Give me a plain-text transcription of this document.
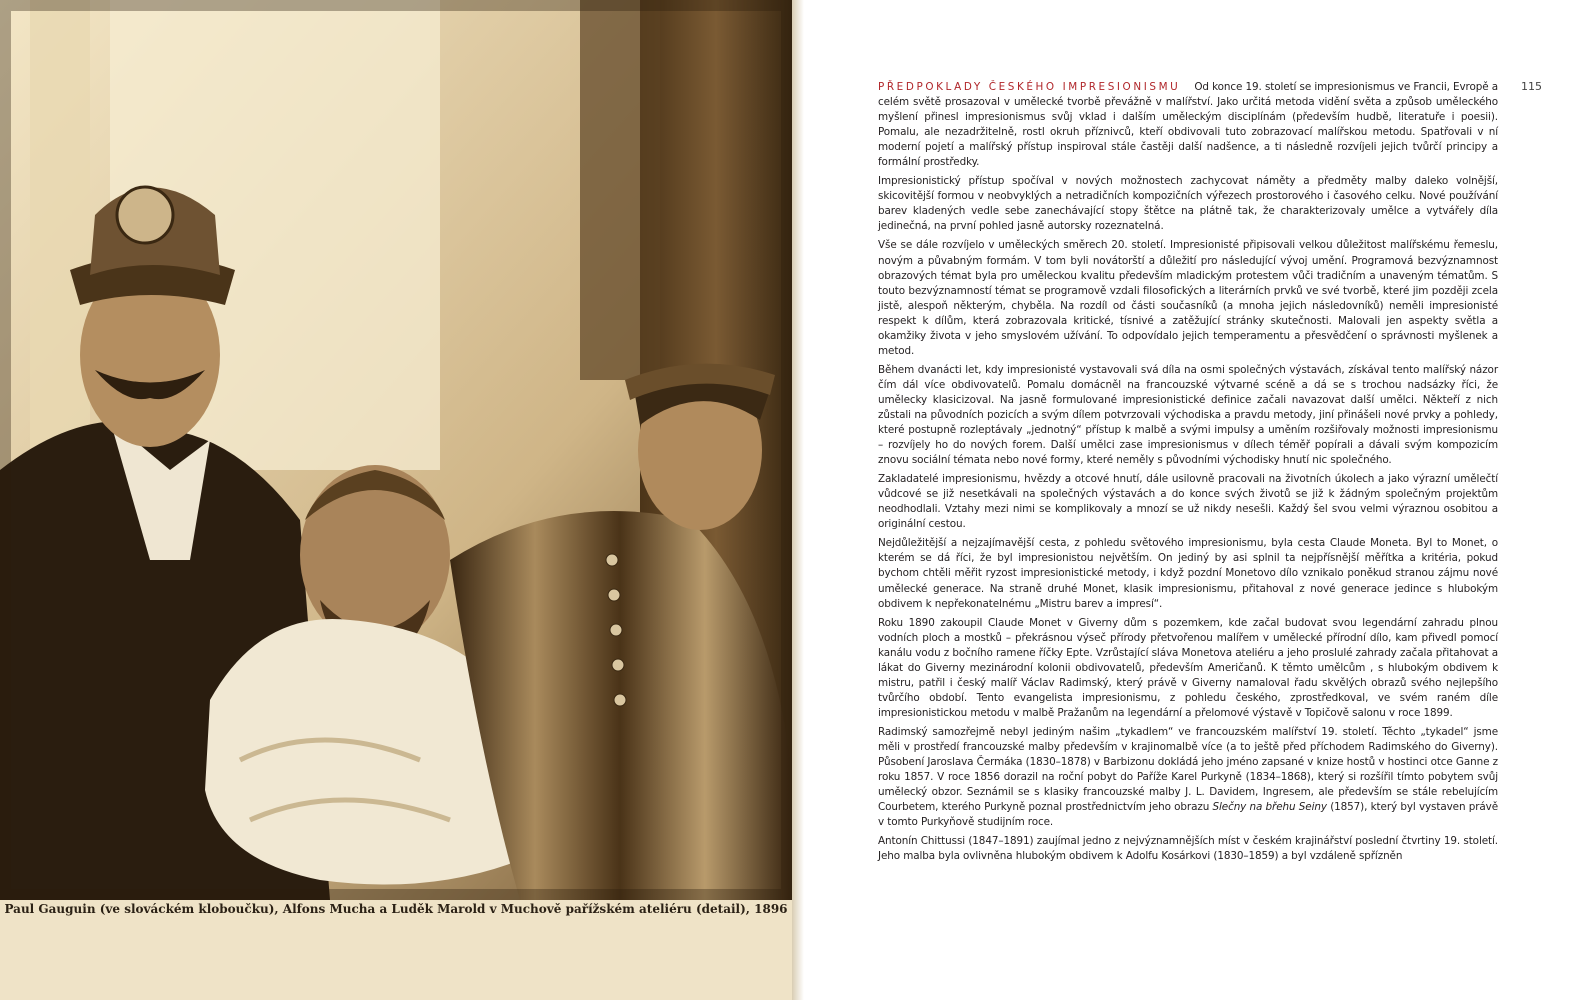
Paul Gauguin (ve slováckém kloboučku), Alfons Mucha a Luděk Marold v Muchově pařížském ateliéru (detail), 1896
115

PŘEDPOKLADY ČESKÉHO IMPRESIONISMU Od konce 19. století se impresionismus ve Francii, Evropě a celém světě prosazoval v umělecké tvorbě převážně v malířství. Jako určitá metoda vidění světa a způsob uměleckého myšlení přinesl impresionismus svůj vklad i dalším uměleckým disciplínám (především hudbě, literatuře i poesii). Pomalu, ale nezadržitelně, rostl okruh příznivců, kteří obdivovali tuto zobrazovací malířskou metodu. Spatřovali v ní moderní pojetí a malířský přístup inspiroval stále častěji další nadšence, a ti následně rozvíjeli jejich tvůrčí principy a formální prostředky.

Impresionistický přístup spočíval v nových možnostech zachycovat náměty a předměty malby daleko volnější, skicovitější formou v neobvyklých a netradičních kompozičních výřezech prostorového i časového celku. Nové používání barev kladených vedle sebe zanechávající stopy štětce na plátně tak, že charakterizovaly umělce a vytvářely díla jedinečná, na první pohled jasně autorsky rozeznatelná.

Vše se dále rozvíjelo v uměleckých směrech 20. století. Impresionisté připisovali velkou důležitost malířskému řemeslu, novým a půvabným formám. V tom byli novátorští a důležití pro následující vývoj umění. Programová bezvýznamnost obrazových témat byla pro uměleckou kvalitu především mladickým protestem vůči tradičním a unaveným tématům. S touto bezvýznamností témat se programově vzdali filosofických a literárních prvků ve své tvorbě, které jim později zcela jistě, alespoň některým, chyběla. Na rozdíl od části současníků (a mnoha jejich následovníků) neměli impresionisté respekt k dílům, která zobrazovala kritické, tísnivé a zatěžující stránky skutečnosti. Malovali jen aspekty světla a okamžiky života v jeho smyslovém užívání. To odpovídalo jejich temperamentu a přesvědčení o správnosti myšlenek a metod.

Během dvanácti let, kdy impresionisté vystavovali svá díla na osmi společných výstavách, získával tento malířský názor čím dál více obdivovatelů. Pomalu domácněl na francouzské výtvarné scéně a dá se s trochou nadsázky říci, že umělecky klasicizoval. Na jasně formulované impresionistické definice začali navazovat další umělci. Někteří z nich zůstali na původních pozicích a svým dílem potvrzovali východiska a pravdu metody, jiní přinášeli nové prvky a pohledy, které postupně rozleptávaly „jednotný“ přístup k malbě a svými impulsy a uměním rozšiřovaly možnosti impresionismu – rozvíjely ho do nových forem. Další umělci zase impresionismus v dílech téměř popírali a dávali svým kompozicím znovu sociální témata nebo nové formy, které neměly s původními východisky hnutí nic společného.

Zakladatelé impresionismu, hvězdy a otcové hnutí, dále usilovně pracovali na životních úkolech a jako výrazní umělečtí vůdcové se již nesetkávali na společných výstavách a do konce svých životů se již k žádným společným projektům neodhodlali. Vztahy mezi nimi se komplikovaly a mnozí se už nikdy nesešli. Každý šel svou velmi výraznou osobitou a originální cestou.

Nejdůležitější a nejzajímavější cesta, z pohledu světového impresionismu, byla cesta Claude Moneta. Byl to Monet, o kterém se dá říci, že byl impresionistou největším. On jediný by asi splnil ta nejpřísnější měřítka a kritéria, pokud bychom chtěli měřit ryzost impresionistické metody, i když pozdní Monetovo dílo vznikalo poněkud stranou zájmu nové umělecké generace. Na straně druhé Monet, klasik impresionismu, přitahoval z nové generace jedince s hlubokým obdivem k nepřekonatelnému „Mistru barev a impresí“.

Roku 1890 zakoupil Claude Monet v Giverny dům s pozemkem, kde začal budovat svou legendární zahradu plnou vodních ploch a mostků – překrásnou výseč přírody přetvořenou malířem v umělecké přírodní dílo, kam přivedl pomocí kanálu vodu z bočního ramene říčky Epte. Vzrůstající sláva Monetova ateliéru a jeho proslulé zahrady začala přitahovat a lákat do Giverny mezinárodní kolonii obdivovatelů, především Američanů. K těmto umělcům , s hlubokým obdivem k mistru, patřil i český malíř Václav Radimský, který právě v Giverny namaloval řadu skvělých obrazů svého nejlepšího tvůrčího období. Tento evangelista impresionismu, z pohledu českého, zprostředkoval, ve svém raném díle impresionistickou metodu v malbě Pražanům na legendární a přelomové výstavě v Topičově salonu v roce 1899.

Radimský samozřejmě nebyl jediným našim „tykadlem“ ve francouzském malířství 19. století. Těchto „tykadel“ jsme měli v prostředí francouzské malby především v krajinomalbě více (a to ještě před příchodem Radimského do Giverny). Působení Jaroslava Čermáka (1830–1878) v Barbizonu dokládá jeho jméno zapsané v knize hostů v hostinci otce Ganne z roku 1857. V roce 1856 dorazil na roční pobyt do Paříže Karel Purkyně (1834–1868), který si rozšířil tímto pobytem svůj umělecký obzor. Seznámil se s klasiky francouzské malby J. L. Davidem, Ingresem, ale především se stále rebelujícím Courbetem, kterého Purkyně poznal prostřednictvím jeho obrazu Slečny na břehu Seiny (1857), který byl vystaven právě v tomto Purkyňově studijním roce.

Antonín Chittussi (1847–1891) zaujímal jedno z nejvýznamnějších míst v českém krajinářství poslední čtvrtiny 19. století. Jeho malba byla ovlivněna hlubokým obdivem k Adolfu Kosárkovi (1830–1859) a byl vzdáleně spřízněn
